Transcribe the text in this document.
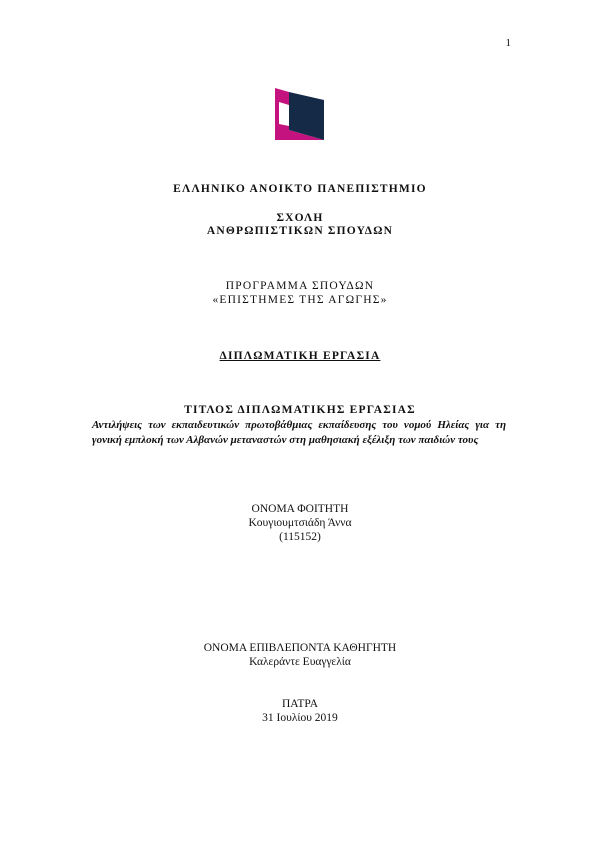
1
ΕΛΛΗΝΙΚΟ ΑΝΟΙΚΤΟ ΠΑΝΕΠΙΣΤΗΜΙΟ
ΣΧΟΛΗ
ΑΝΘΡΩΠΙΣΤΙΚΩΝ ΣΠΟΥΔΩΝ
ΠΡΟΓΡΑΜΜΑ ΣΠΟΥΔΩΝ
«ΕΠΙΣΤΗΜΕΣ ΤΗΣ ΑΓΩΓΗΣ»
ΔΙΠΛΩΜΑΤΙΚΗ ΕΡΓΑΣΙΑ
ΤΙΤΛΟΣ ΔΙΠΛΩΜΑΤΙΚΗΣ ΕΡΓΑΣΙΑΣ
Αντιλήψεις των εκπαιδευτικών πρωτοβάθμιας εκπαίδευσης του νομού Ηλείας για τη γονική εμπλοκή των Αλβανών μεταναστών στη μαθησιακή εξέλιξη των παιδιών τους
ΟΝΟΜΑ ΦΟΙΤΗΤΗ
Κουγιουμτσιάδη Άννα
(115152)
ΟΝΟΜΑ ΕΠΙΒΛΕΠΟΝΤΑ ΚΑΘΗΓΗΤΗ
Καλεράντε Ευαγγελία
ΠΑΤΡΑ
31 Ιουλίου 2019
